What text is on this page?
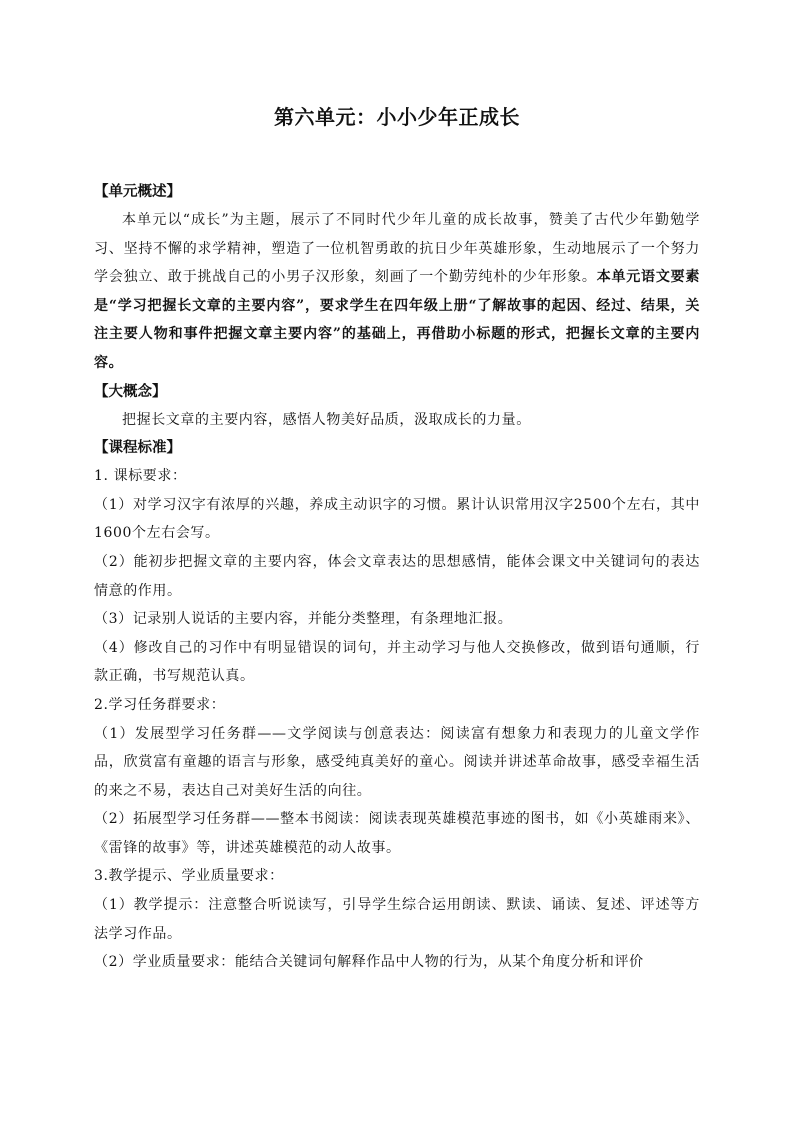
第六单元：小小少年正成长

【单元概述】

本单元以“成长”为主题，展示了不同时代少年儿童的成长故事，赞美了古代少年勤勉学习、坚持不懈的求学精神，塑造了一位机智勇敢的抗日少年英雄形象，生动地展示了一个努力学会独立、敢于挑战自己的小男子汉形象，刻画了一个勤劳纯朴的少年形象。本单元语文要素是“学习把握长文章的主要内容”，要求学生在四年级上册“了解故事的起因、经过、结果，关注主要人物和事件把握文章主要内容”的基础上，再借助小标题的形式，把握长文章的主要内容。

【大概念】

把握长文章的主要内容，感悟人物美好品质，汲取成长的力量。

【课程标准】

1. 课标要求：

（1）对学习汉字有浓厚的兴趣，养成主动识字的习惯。累计认识常用汉字2500个左右，其中1600个左右会写。

（2）能初步把握文章的主要内容，体会文章表达的思想感情，能体会课文中关键词句的表达情意的作用。

（3）记录别人说话的主要内容，并能分类整理，有条理地汇报。

（4）修改自己的习作中有明显错误的词句，并主动学习与他人交换修改，做到语句通顺，行款正确，书写规范认真。

2.学习任务群要求：

（1）发展型学习任务群——文学阅读与创意表达：阅读富有想象力和表现力的儿童文学作品，欣赏富有童趣的语言与形象，感受纯真美好的童心。阅读并讲述革命故事，感受幸福生活的来之不易，表达自己对美好生活的向往。

（2）拓展型学习任务群——整本书阅读：阅读表现英雄模范事迹的图书，如《小英雄雨来》、《雷锋的故事》等，讲述英雄模范的动人故事。

3.教学提示、学业质量要求：

（1）教学提示：注意整合听说读写，引导学生综合运用朗读、默读、诵读、复述、评述等方法学习作品。

（2）学业质量要求：能结合关键词句解释作品中人物的行为，从某个角度分析和评价
